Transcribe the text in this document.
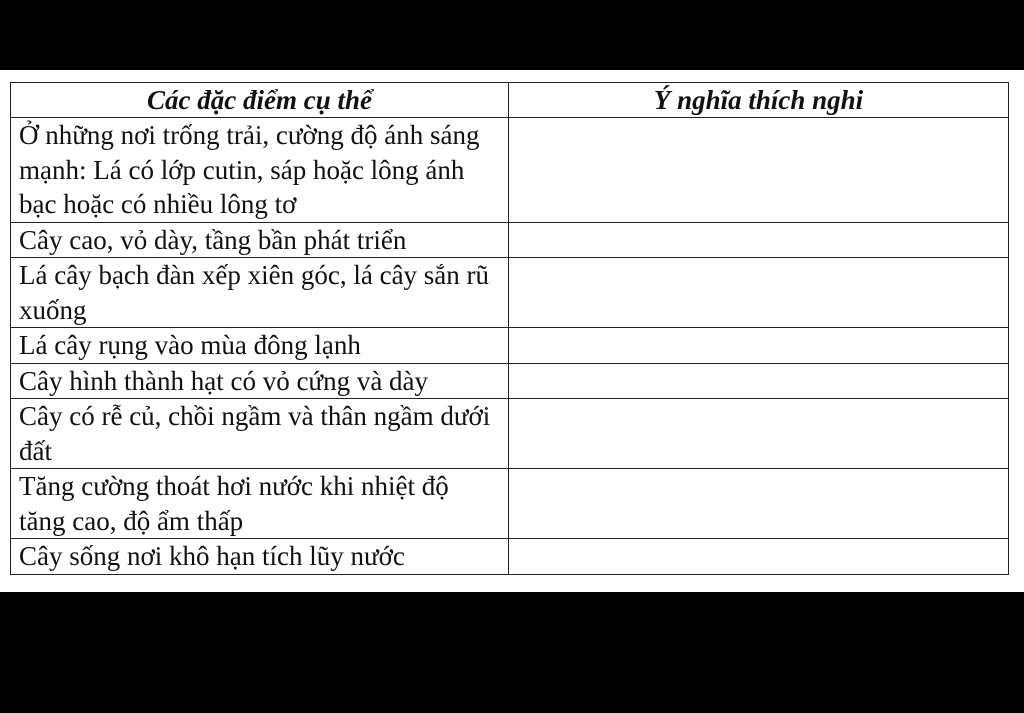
Các đặc điểm cụ thể	Ý nghĩa thích nghi
Ở những nơi trống trải, cường độ ánh sáng mạnh: Lá có lớp cutin, sáp hoặc lông ánh bạc hoặc có nhiều lông tơ	
Cây cao, vỏ dày, tầng bần phát triển	
Lá cây bạch đàn xếp xiên góc, lá cây sắn rũ xuống	
Lá cây rụng vào mùa đông lạnh	
Cây hình thành hạt có vỏ cứng và dày	
Cây có rễ củ, chồi ngầm và thân ngầm dưới đất	
Tăng cường thoát hơi nước khi nhiệt độ tăng cao, độ ẩm thấp	
Cây sống nơi khô hạn tích lũy nước	
